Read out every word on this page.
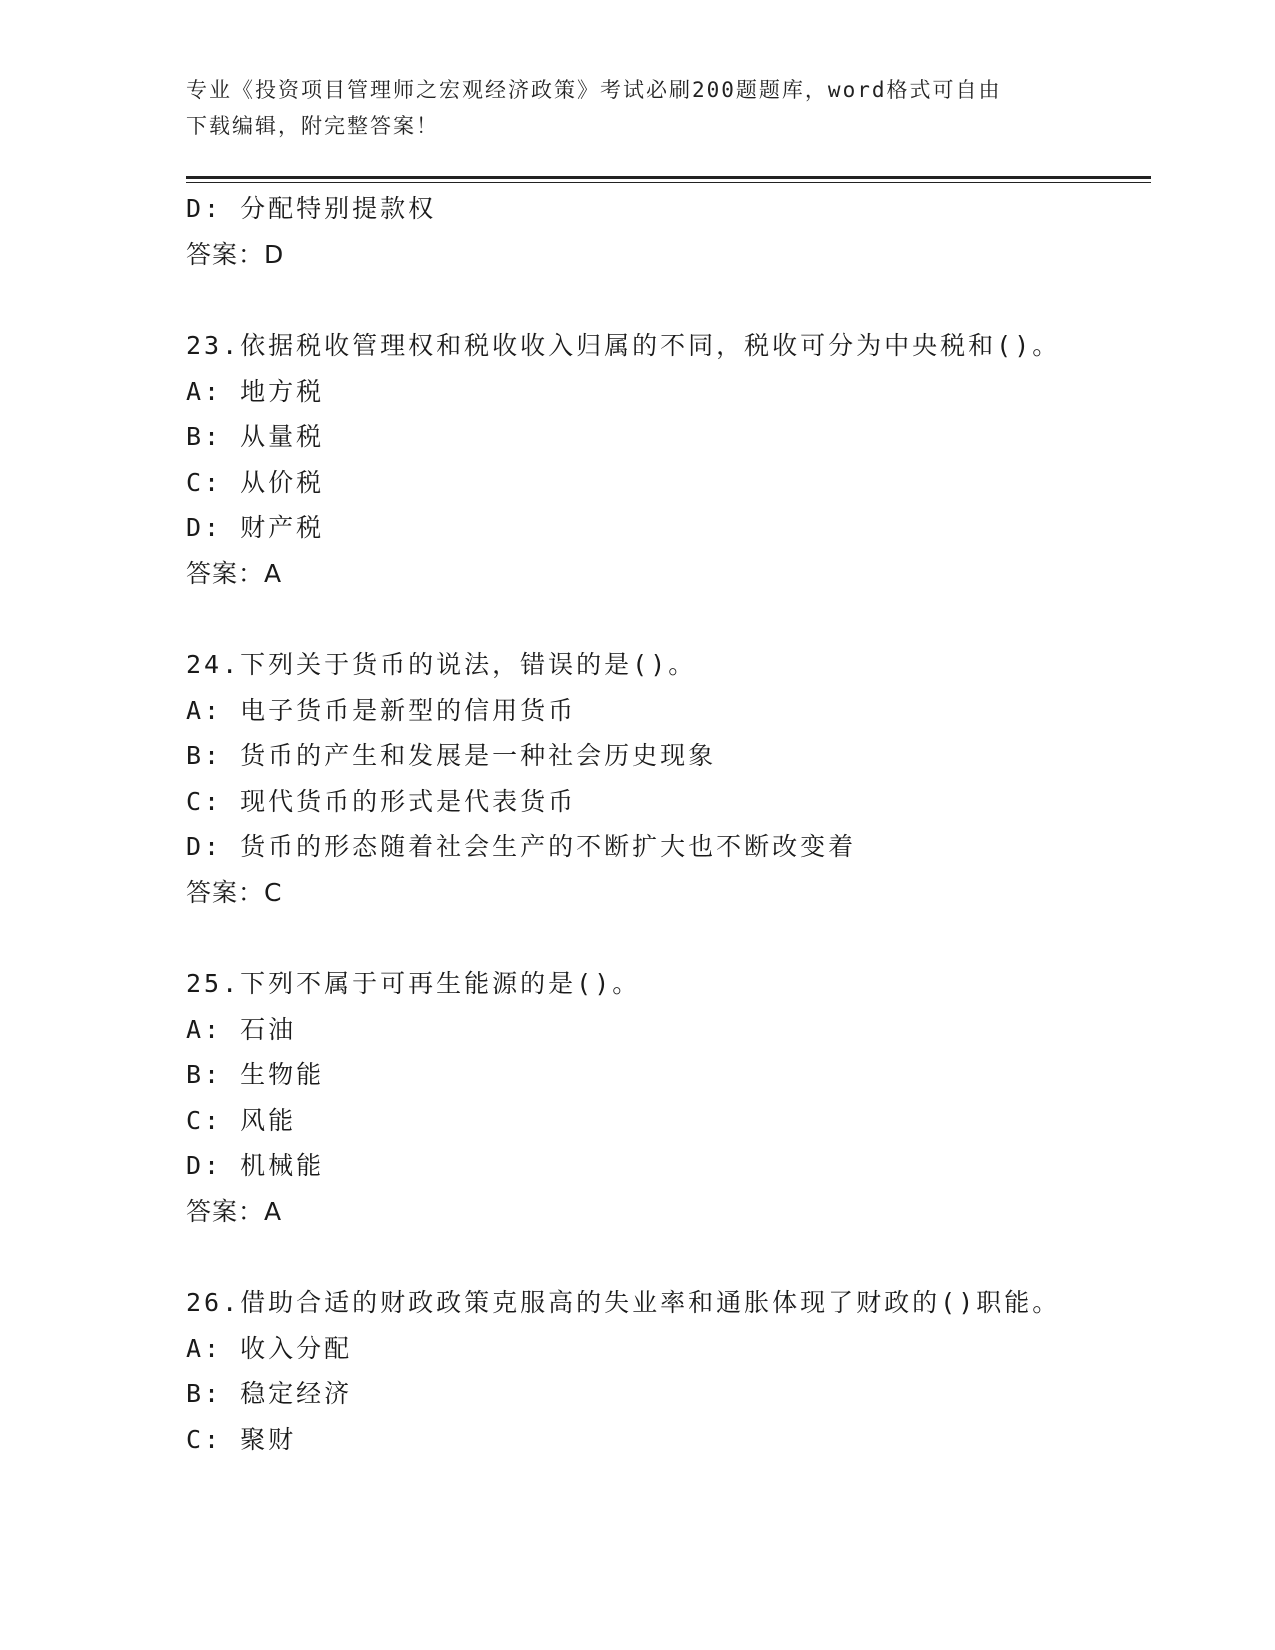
专业《投资项目管理师之宏观经济政策》考试必刷200题题库，word格式可自由
下载编辑，附完整答案！
D: 分配特别提款权
答案：D
23.依据税收管理权和税收收入归属的不同，税收可分为中央税和()。
A: 地方税
B: 从量税
C: 从价税
D: 财产税
答案：A
24.下列关于货币的说法，错误的是()。
A: 电子货币是新型的信用货币
B: 货币的产生和发展是一种社会历史现象
C: 现代货币的形式是代表货币
D: 货币的形态随着社会生产的不断扩大也不断改变着
答案：C
25.下列不属于可再生能源的是()。
A: 石油
B: 生物能
C: 风能
D: 机械能
答案：A
26.借助合适的财政政策克服高的失业率和通胀体现了财政的()职能。
A: 收入分配
B: 稳定经济
C: 聚财
